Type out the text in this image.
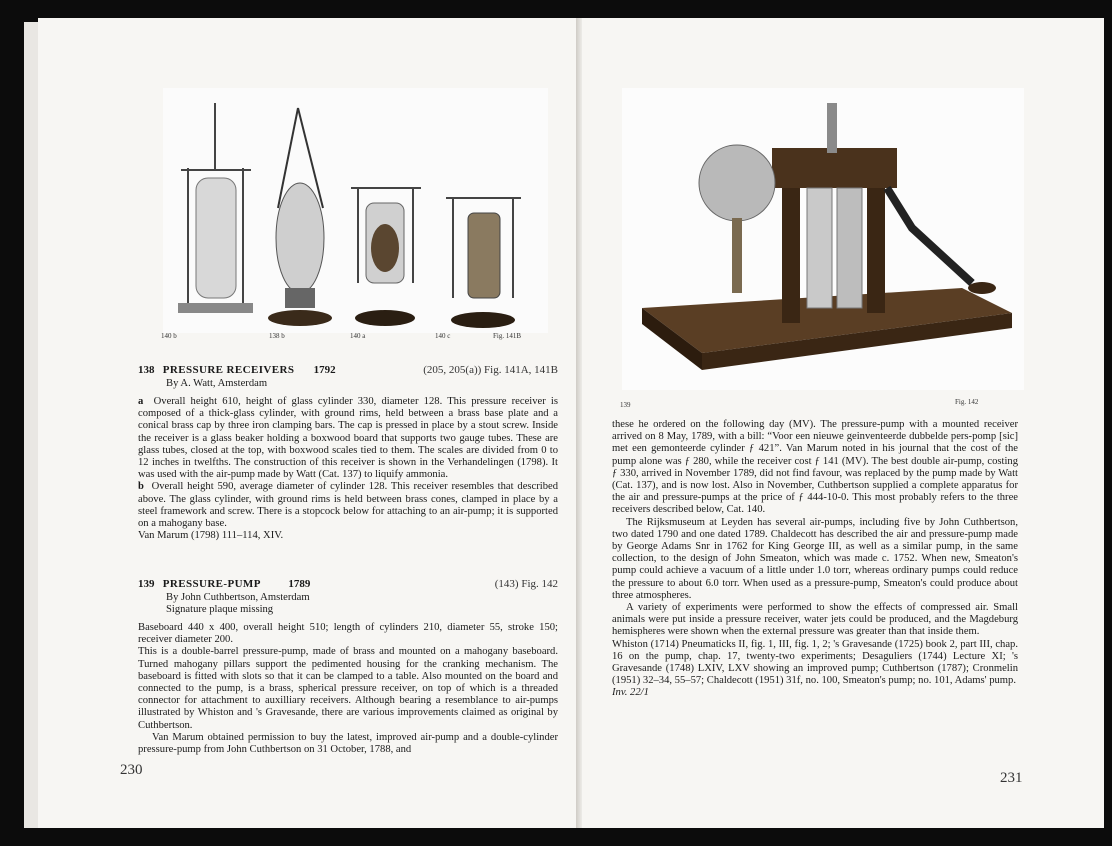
140 b	138 b	140 a	140 c	Fig. 141B
138 PRESSURE RECEIVERS 1792	(205, 205(a)) Fig. 141A, 141B
By A. Watt, Amsterdam

a Overall height 610, height of glass cylinder 330, diameter 128. This pressure receiver is composed of a thick-glass cylinder, with ground rims, held between a brass base plate and a conical brass cap by three iron clamping bars. The cap is pressed in place by a stout screw. Inside the receiver is a glass beaker holding a boxwood board that supports two gauge tubes. These are glass tubes, closed at the top, with boxwood scales tied to them. The scales are divided from 0 to 12 inches in twelfths. The construction of this receiver is shown in the Verhandelingen (1798). It was used with the air-pump made by Watt (Cat. 137) to liquify ammonia.

b Overall height 590, average diameter of cylinder 128. This receiver resembles that described above. The glass cylinder, with ground rims is held between brass cones, clamped in place by a steel framework and screw. There is a stopcock below for attaching to an air-pump; it is supported on a mahogany base.

Van Marum (1798) 111–114, XIV.

139 PRESSURE-PUMP	1789	(143) Fig. 142
By John Cuthbertson, Amsterdam
Signature plaque missing

Baseboard 440 x 400, overall height 510; length of cylinders 210, diameter 55, stroke 150; receiver diameter 200.

This is a double-barrel pressure-pump, made of brass and mounted on a mahogany baseboard. Turned mahogany pillars support the pedimented housing for the cranking mechanism. The baseboard is fitted with slots so that it can be clamped to a table. Also mounted on the board and connected to the pump, is a brass, spherical pressure receiver, on top of which is a threaded connector for attachment to auxilliary receivers. Although bearing a resemblance to air-pumps illustrated by Whiston and 's Gravesande, there are various improvements claimed as original by Cuthbertson.

Van Marum obtained permission to buy the latest, improved air-pump and a double-cylinder pressure-pump from John Cuthbertson on 31 October, 1788, and

230
139	Fig. 142

these he ordered on the following day (MV). The pressure-pump with a mounted receiver arrived on 8 May, 1789, with a bill: “Voor een nieuwe geinventeerde dubbelde pers-pomp [sic] met een gemonteerde cylinder ƒ 421”. Van Marum noted in his journal that the cost of the pump alone was ƒ 280, while the receiver cost ƒ 141 (MV). The best double air-pump, costing ƒ 330, arrived in November 1789, did not find favour, was replaced by the pump made by Watt (Cat. 137), and is now lost. Also in November, Cuthbertson supplied a complete apparatus for the air and pressure-pumps at the price of ƒ 444-10-0. This most probably refers to the three receivers described below, Cat. 140.

The Rijksmuseum at Leyden has several air-pumps, including five by John Cuthbertson, two dated 1790 and one dated 1789. Chaldecott has described the air and pressure-pump made by George Adams Snr in 1762 for King George III, as well as a similar pump, in the same collection, to the design of John Smeaton, which was made c. 1752. When new, Smeaton's pump could achieve a vacuum of a little under 1.0 torr, whereas ordinary pumps could reduce the pressure to about 6.0 torr. When used as a pressure-pump, Smeaton's could produce about three atmospheres.

A variety of experiments were performed to show the effects of compressed air. Small animals were put inside a pressure receiver, water jets could be produced, and the Magdeburg hemispheres were shown when the external pressure was greater than that inside them.

Whiston (1714) Pneumaticks II, fig. 1, III, fig. 1, 2; 's Gravesande (1725) book 2, part III, chap. 16 on the pump, chap. 17, twenty-two experiments; Desaguliers (1744) Lecture XI; 's Gravesande (1748) LXIV, LXV showing an improved pump; Cuthbertson (1787); Cronmelin (1951) 32–34, 55–57; Chaldecott (1951) 31f, no. 100, Smeaton's pump; no. 101, Adams' pump.

Inv. 22/1

231
